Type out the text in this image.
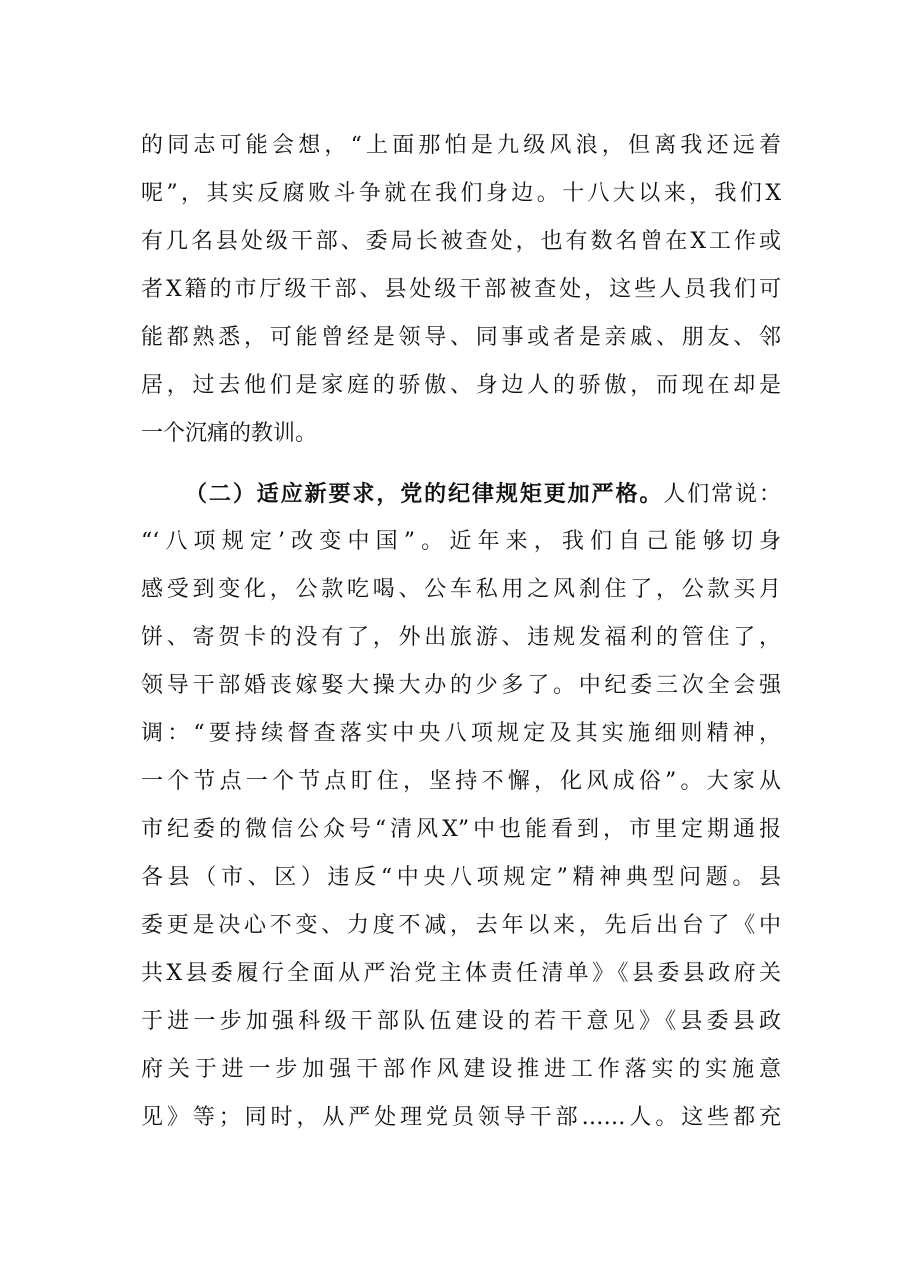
的同志可能会想，“上面那怕是九级风浪，但离我还远着
呢”，其实反腐败斗争就在我们身边。十八大以来，我们X
有几名县处级干部、委局长被查处，也有数名曾在X工作或
者X籍的市厅级干部、县处级干部被查处，这些人员我们可
能都熟悉，可能曾经是领导、同事或者是亲戚、朋友、邻
居，过去他们是家庭的骄傲、身边人的骄傲，而现在却是
一个沉痛的教训。
（二）适应新要求，党的纪律规矩更加严格。人们常说：
“‘八项规定’改变中国”。近年来，我们自己能够切身
感受到变化，公款吃喝、公车私用之风刹住了，公款买月
饼、寄贺卡的没有了，外出旅游、违规发福利的管住了，
领导干部婚丧嫁娶大操大办的少多了。中纪委三次全会强
调：“要持续督查落实中央八项规定及其实施细则精神，
一个节点一个节点盯住，坚持不懈，化风成俗”。大家从
市纪委的微信公众号“清风X”中也能看到，市里定期通报
各县（市、区）违反“中央八项规定”精神典型问题。县
委更是决心不变、力度不减，去年以来，先后出台了《中
共X县委履行全面从严治党主体责任清单》《县委县政府关
于进一步加强科级干部队伍建设的若干意见》《县委县政
府关于进一步加强干部作风建设推进工作落实的实施意
见》等；同时，从严处理党员领导干部……人。这些都充
